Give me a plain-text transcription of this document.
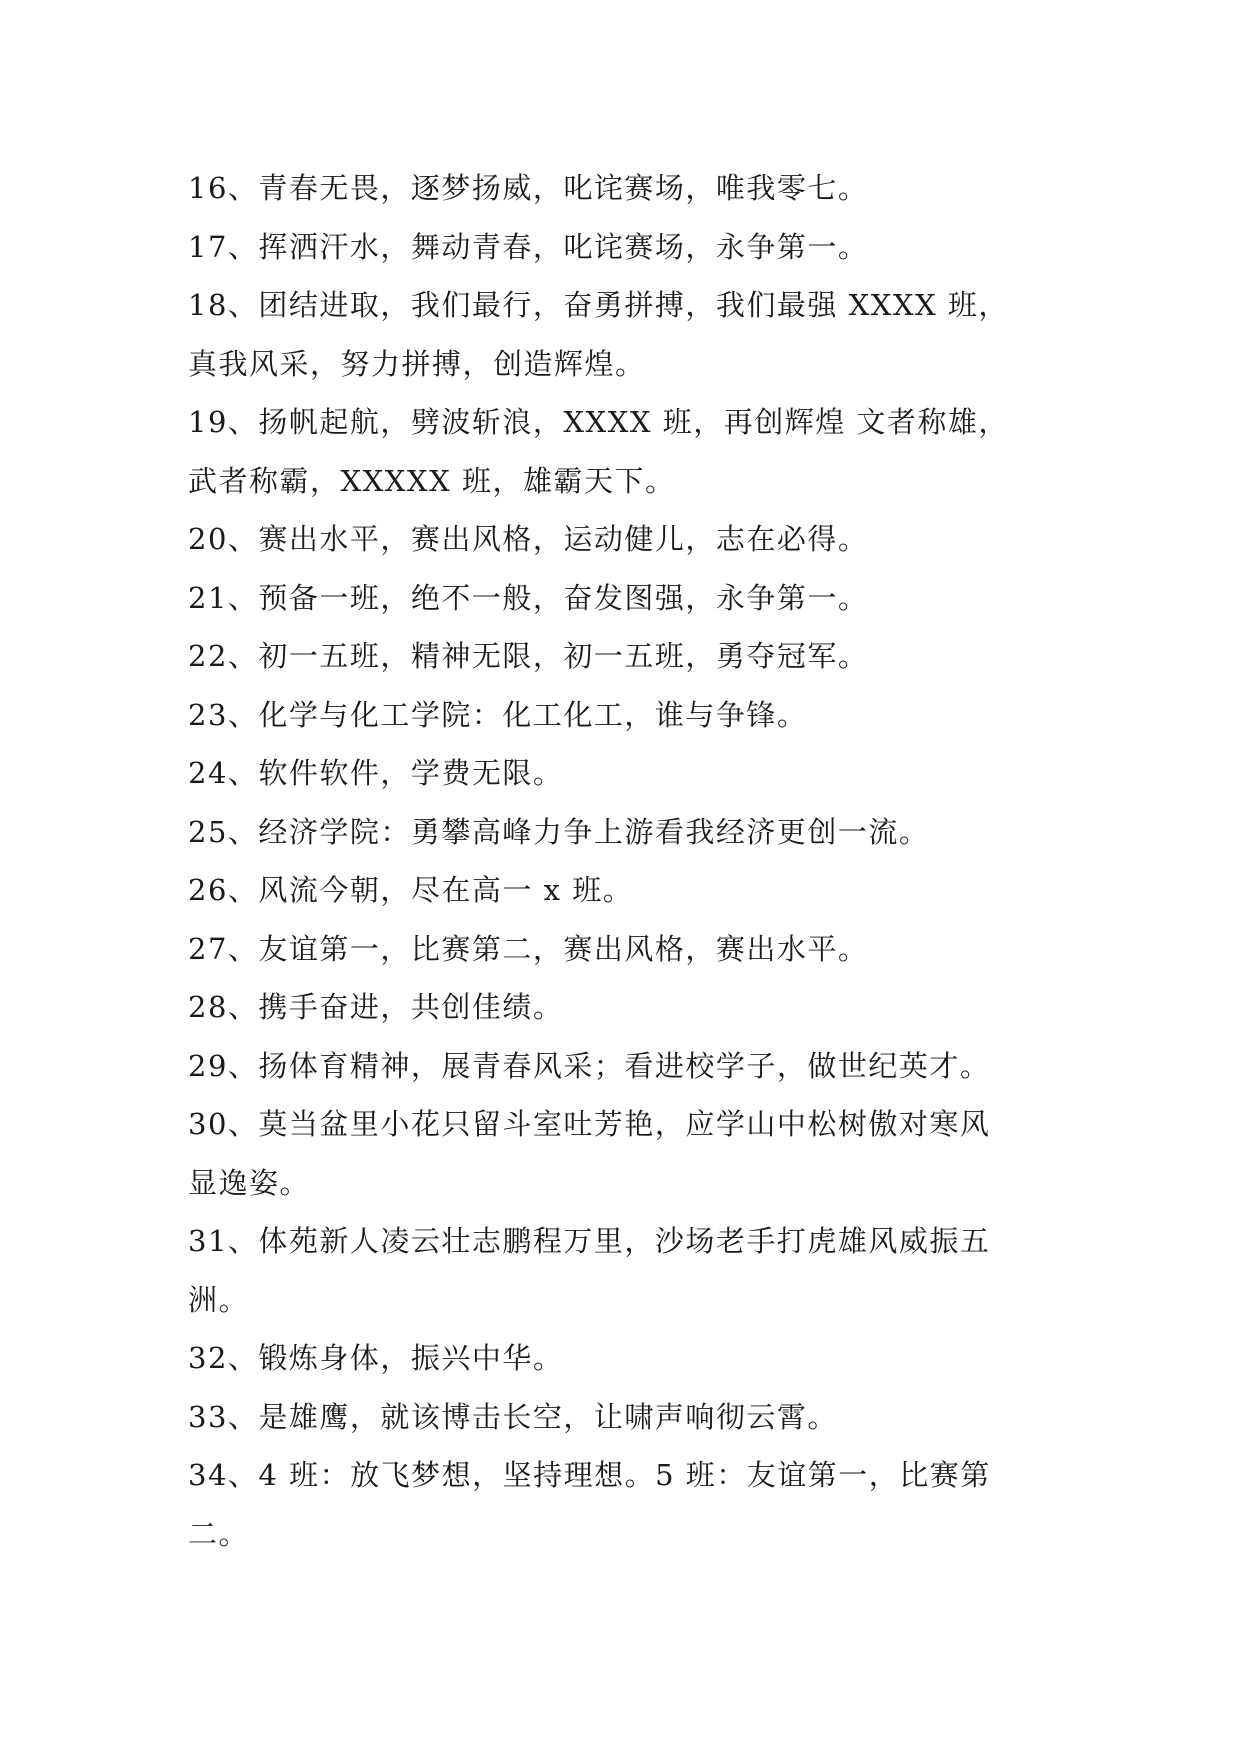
16、青春无畏，逐梦扬威，叱诧赛场，唯我零七。
17、挥洒汗水，舞动青春，叱诧赛场，永争第一。
18、团结进取，我们最行，奋勇拼搏，我们最强 XXXX 班，
真我风采，努力拼搏，创造辉煌。
19、扬帆起航，劈波斩浪，XXXX 班，再创辉煌 文者称雄，
武者称霸，XXXXX 班，雄霸天下。
20、赛出水平，赛出风格，运动健儿，志在必得。
21、预备一班，绝不一般，奋发图强，永争第一。
22、初一五班，精神无限，初一五班，勇夺冠军。
23、化学与化工学院：化工化工，谁与争锋。
24、软件软件，学费无限。
25、经济学院：勇攀高峰力争上游看我经济更创一流。
26、风流今朝，尽在高一 x 班。
27、友谊第一，比赛第二，赛出风格，赛出水平。
28、携手奋进，共创佳绩。
29、扬体育精神，展青春风采；看进校学子，做世纪英才。
30、莫当盆里小花只留斗室吐芳艳，应学山中松树傲对寒风
显逸姿。
31、体苑新人凌云壮志鹏程万里，沙场老手打虎雄风威振五
洲。
32、锻炼身体，振兴中华。
33、是雄鹰，就该博击长空，让啸声响彻云霄。
34、4 班：放飞梦想，坚持理想。5 班：友谊第一，比赛第
二。
